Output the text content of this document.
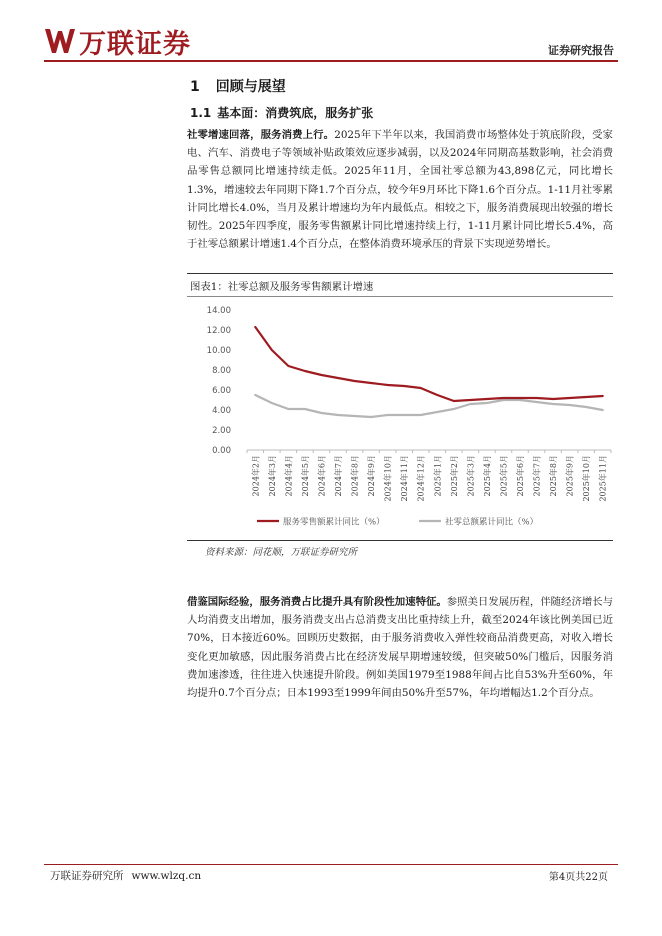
万联证券	证券研究报告
1 回顾与展望
1.1 基本面：消费筑底，服务扩张
社零增速回落，服务消费上行。2025年下半年以来，我国消费市场整体处于筑底阶段，受家电、汽车、消费电子等领域补贴政策效应逐步减弱，以及2024年同期高基数影响，社会消费品零售总额同比增速持续走低。2025年11月，全国社零总额为43,898亿元，同比增长1.3%，增速较去年同期下降1.7个百分点，较今年9月环比下降1.6个百分点。1-11月社零累计同比增长4.0%，当月及累计增速均为年内最低点。相较之下，服务消费展现出较强的增长韧性。2025年四季度，服务零售额累计同比增速持续上行，1-11月累计同比增长5.4%，高于社零总额累计增速1.4个百分点，在整体消费环境承压的背景下实现逆势增长。
图表1：社零总额及服务零售额累计增速
0.00
2.00
4.00
6.00
8.00
10.00
12.00
14.00
2024年2月 2024年3月 2024年4月 2024年5月 2024年6月 2024年7月 2024年8月 2024年9月 2024年10月 2024年11月 2024年12月 2025年1月 2025年2月 2025年3月 2025年4月 2025年5月 2025年6月 2025年7月 2025年8月 2025年9月 2025年10月 2025年11月
服务零售额累计同比（%）	社零总额累计同比（%）
资料来源：同花顺，万联证券研究所
借鉴国际经验，服务消费占比提升具有阶段性加速特征。参照美日发展历程，伴随经济增长与人均消费支出增加，服务消费支出占总消费支出比重持续上升，截至2024年该比例美国已近70%，日本接近60%。回顾历史数据，由于服务消费收入弹性较商品消费更高，对收入增长变化更加敏感，因此服务消费占比在经济发展早期增速较缓，但突破50%门槛后，因服务消费加速渗透，往往进入快速提升阶段。例如美国1979至1988年间占比自53%升至60%，年均提升0.7个百分点；日本1993至1999年间由50%升至57%，年均增幅达1.2个百分点。
万联证券研究所 www.wlzq.cn	第4页共22页
